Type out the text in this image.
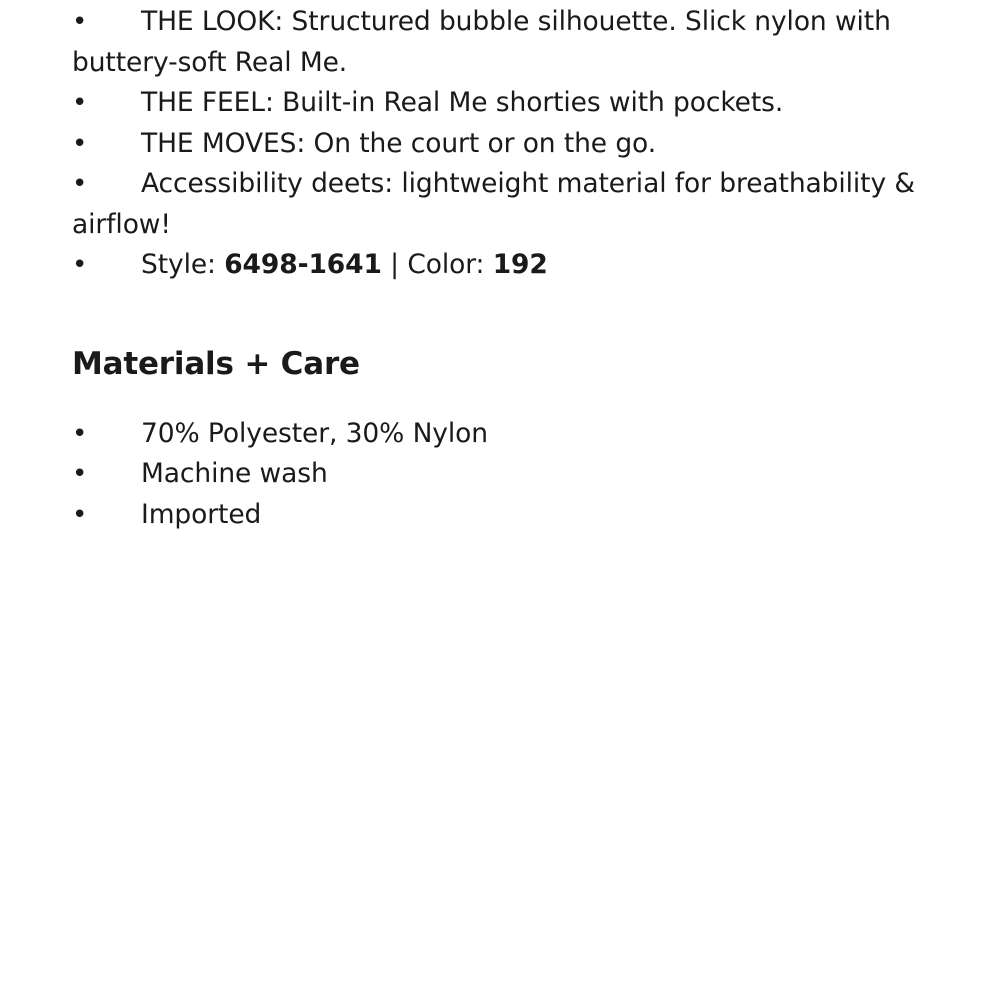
• THE LOOK: Structured bubble silhouette. Slick nylon with buttery-soft Real Me.
• THE FEEL: Built-in Real Me shorties with pockets.
• THE MOVES: On the court or on the go.
• Accessibility deets: lightweight material for breathability & airflow!
• Style: 6498-1641 | Color: 192
Materials + Care
• 70% Polyester, 30% Nylon
• Machine wash
• Imported
